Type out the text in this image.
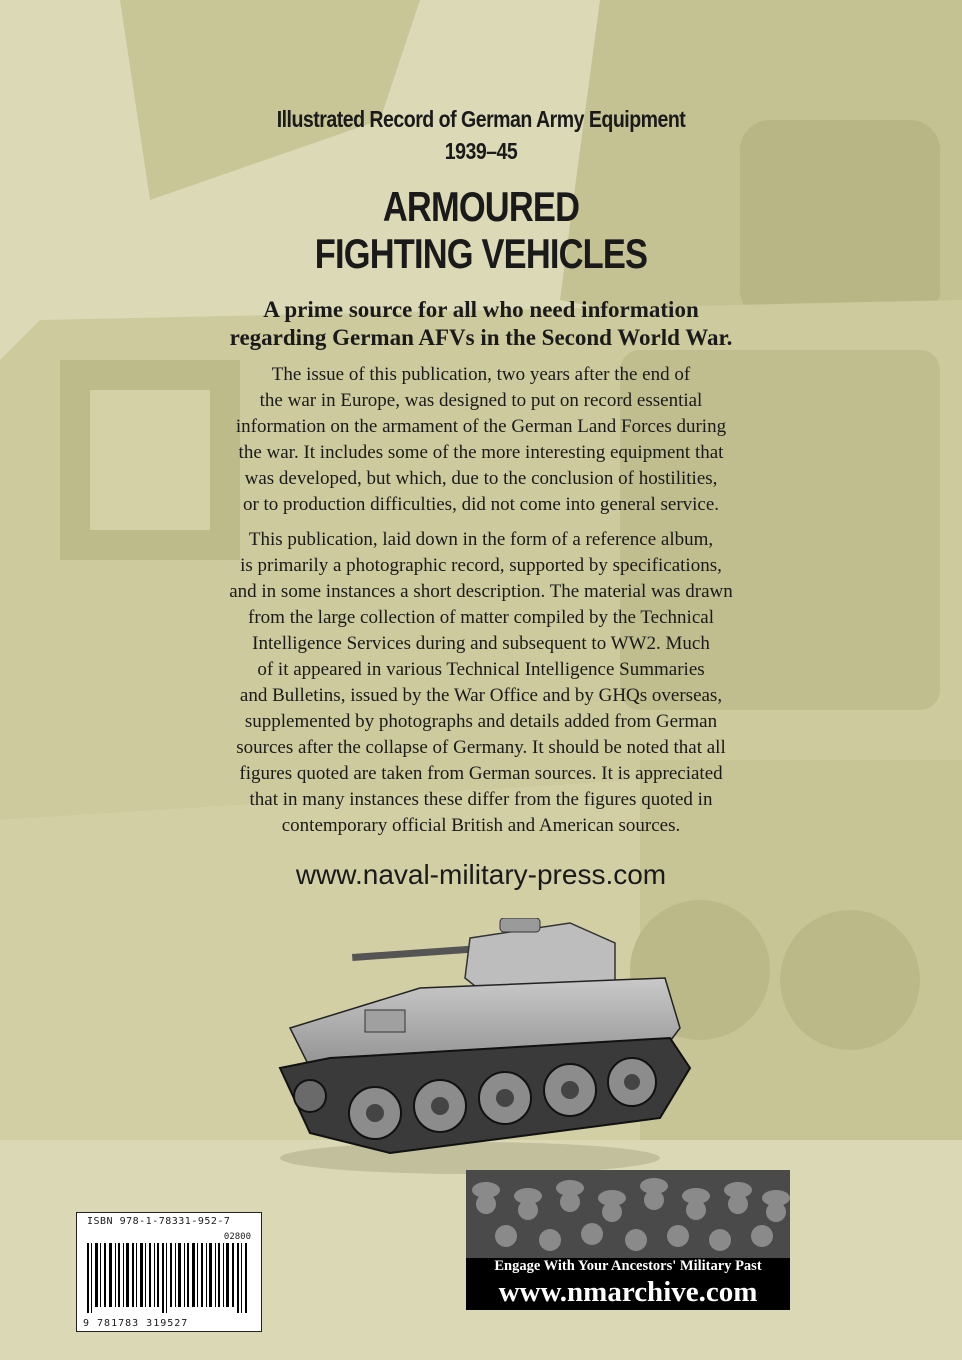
Illustrated Record of German Army Equipment
1939–45
ARMOURED
FIGHTING VEHICLES
A prime source for all who need information
regarding German AFVs in the Second World War.
The issue of this publication, two years after the end of
the war in Europe, was designed to put on record essential
information on the armament of the German Land Forces during
the war. It includes some of the more interesting equipment that
was developed, but which, due to the conclusion of hostilities,
or to production difficulties, did not come into general service.
This publication, laid down in the form of a reference album,
is primarily a photographic record, supported by specifications,
and in some instances a short description. The material was drawn
from the large collection of matter compiled by the Technical
Intelligence Services during and subsequent to WW2. Much
of it appeared in various Technical Intelligence Summaries
and Bulletins, issued by the War Office and by GHQs overseas,
supplemented by photographs and details added from German
sources after the collapse of Germany. It should be noted that all
figures quoted are taken from German sources. It is appreciated
that in many instances these differ from the figures quoted in
contemporary official British and American sources.
www.naval-military-press.com
ISBN 978-1-78331-952-7
02800
9 781783 319527
Engage With Your Ancestors' Military Past
www.nmarchive.com
